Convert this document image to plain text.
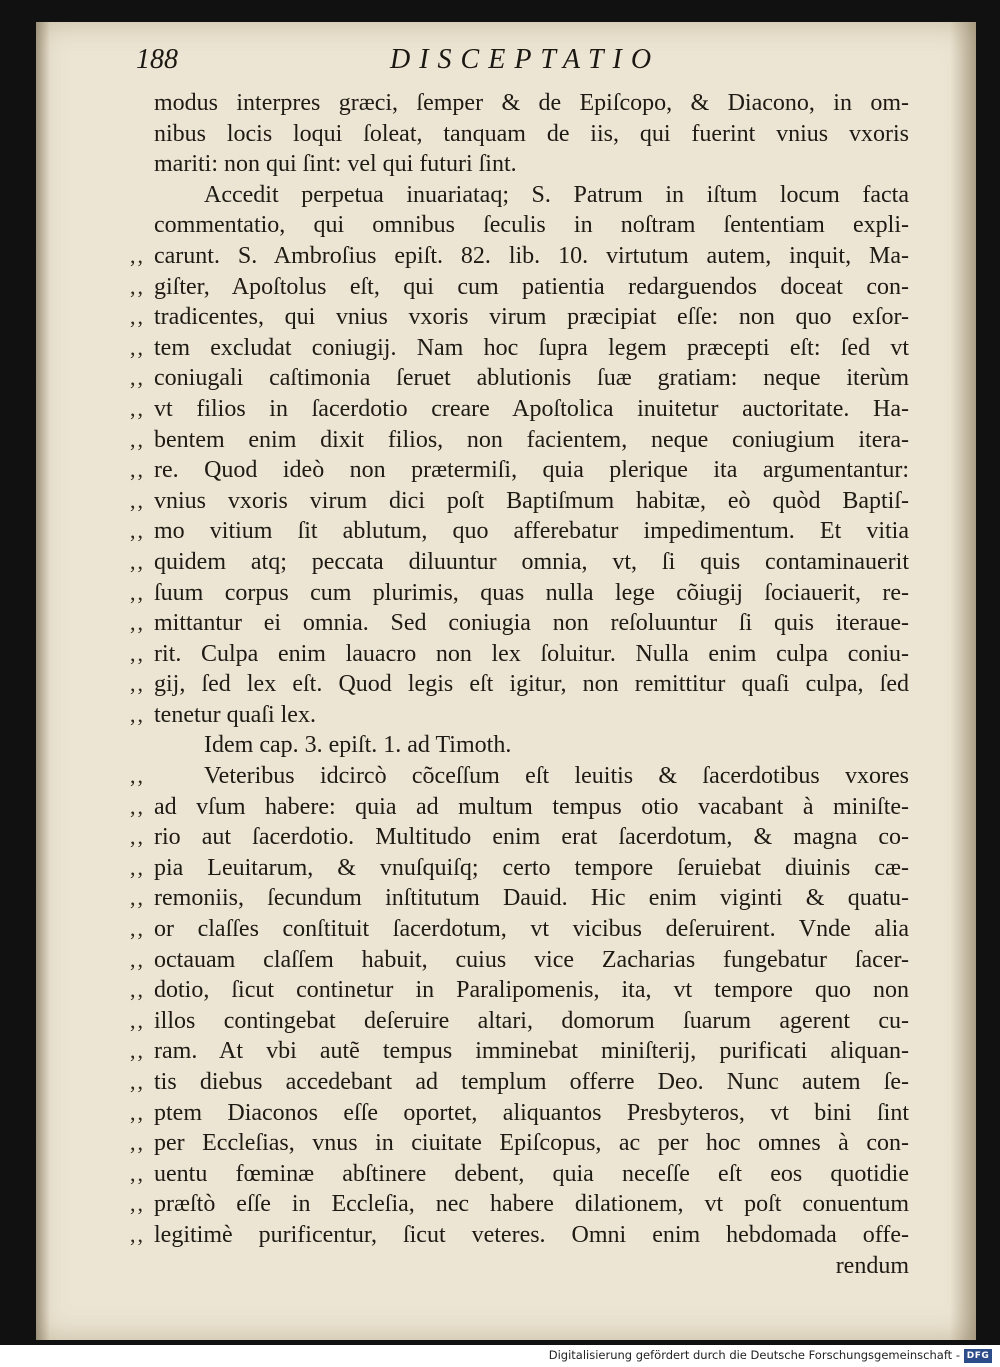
188	DISCEPTATIO
modus interpres græci, ſemper & de Epiſcopo, & Diacono, in om-
nibus locis loqui ſoleat, tanquam de iis, qui fuerint vnius vxoris
mariti: non qui ſint: vel qui futuri ſint.
Accedit perpetua inuariataq; S. Patrum in iſtum locum facta
commentatio, qui omnibus ſeculis in noſtram ſententiam expli-
,, carunt. S. Ambroſius epiſt. 82. lib. 10. virtutum autem, inquit, Ma-
,, giſter, Apoſtolus eſt, qui cum patientia redarguendos doceat con-
,, tradicentes, qui vnius vxoris virum præcipiat eſſe: non quo exſor-
,, tem excludat coniugij. Nam hoc ſupra legem præcepti eſt: ſed vt
,, coniugali caſtimonia ſeruet ablutionis ſuæ gratiam: neque iterùm
,, vt filios in ſacerdotio creare Apoſtolica inuitetur auctoritate. Ha-
,, bentem enim dixit filios, non facientem, neque coniugium itera-
,, re. Quod ideò non prætermiſi, quia plerique ita argumentantur:
,, vnius vxoris virum dici poſt Baptiſmum habitæ, eò quòd Baptiſ-
,, mo vitium ſit ablutum, quo afferebatur impedimentum. Et vitia
,, quidem atq; peccata diluuntur omnia, vt, ſi quis contaminauerit
,, ſuum corpus cum plurimis, quas nulla lege cõiugij ſociauerit, re-
,, mittantur ei omnia. Sed coniugia non reſoluuntur ſi quis iteraue-
,, rit. Culpa enim lauacro non lex ſoluitur. Nulla enim culpa coniu-
,, gij, ſed lex eſt. Quod legis eſt igitur, non remittitur quaſi culpa, ſed
,, tenetur quaſi lex.
Idem cap. 3. epiſt. 1. ad Timoth.
,, Veteribus idcircò cõceſſum eſt leuitis & ſacerdotibus vxores
,, ad vſum habere: quia ad multum tempus otio vacabant à miniſte-
,, rio aut ſacerdotio. Multitudo enim erat ſacerdotum, & magna co-
,, pia Leuitarum, & vnuſquiſq; certo tempore ſeruiebat diuinis cæ-
,, remoniis, ſecundum inſtitutum Dauid. Hic enim viginti & quatu-
,, or claſſes conſtituit ſacerdotum, vt vicibus deſeruirent. Vnde alia
,, octauam claſſem habuit, cuius vice Zacharias fungebatur ſacer-
,, dotio, ſicut continetur in Paralipomenis, ita, vt tempore quo non
,, illos contingebat deſeruire altari, domorum ſuarum agerent cu-
,, ram. At vbi autẽ tempus imminebat miniſterij, purificati aliquan-
,, tis diebus accedebant ad templum offerre Deo. Nunc autem ſe-
,, ptem Diaconos eſſe oportet, aliquantos Presbyteros, vt bini ſint
,, per Eccleſias, vnus in ciuitate Epiſcopus, ac per hoc omnes à con-
,, uentu fœminæ abſtinere debent, quia neceſſe eſt eos quotidie
,, præſtò eſſe in Eccleſia, nec habere dilationem, vt poſt conuentum
,, legitimè purificentur, ſicut veteres. Omni enim hebdomada offe-
rendum
Digitalisierung gefördert durch die Deutsche Forschungsgemeinschaft - DFG
